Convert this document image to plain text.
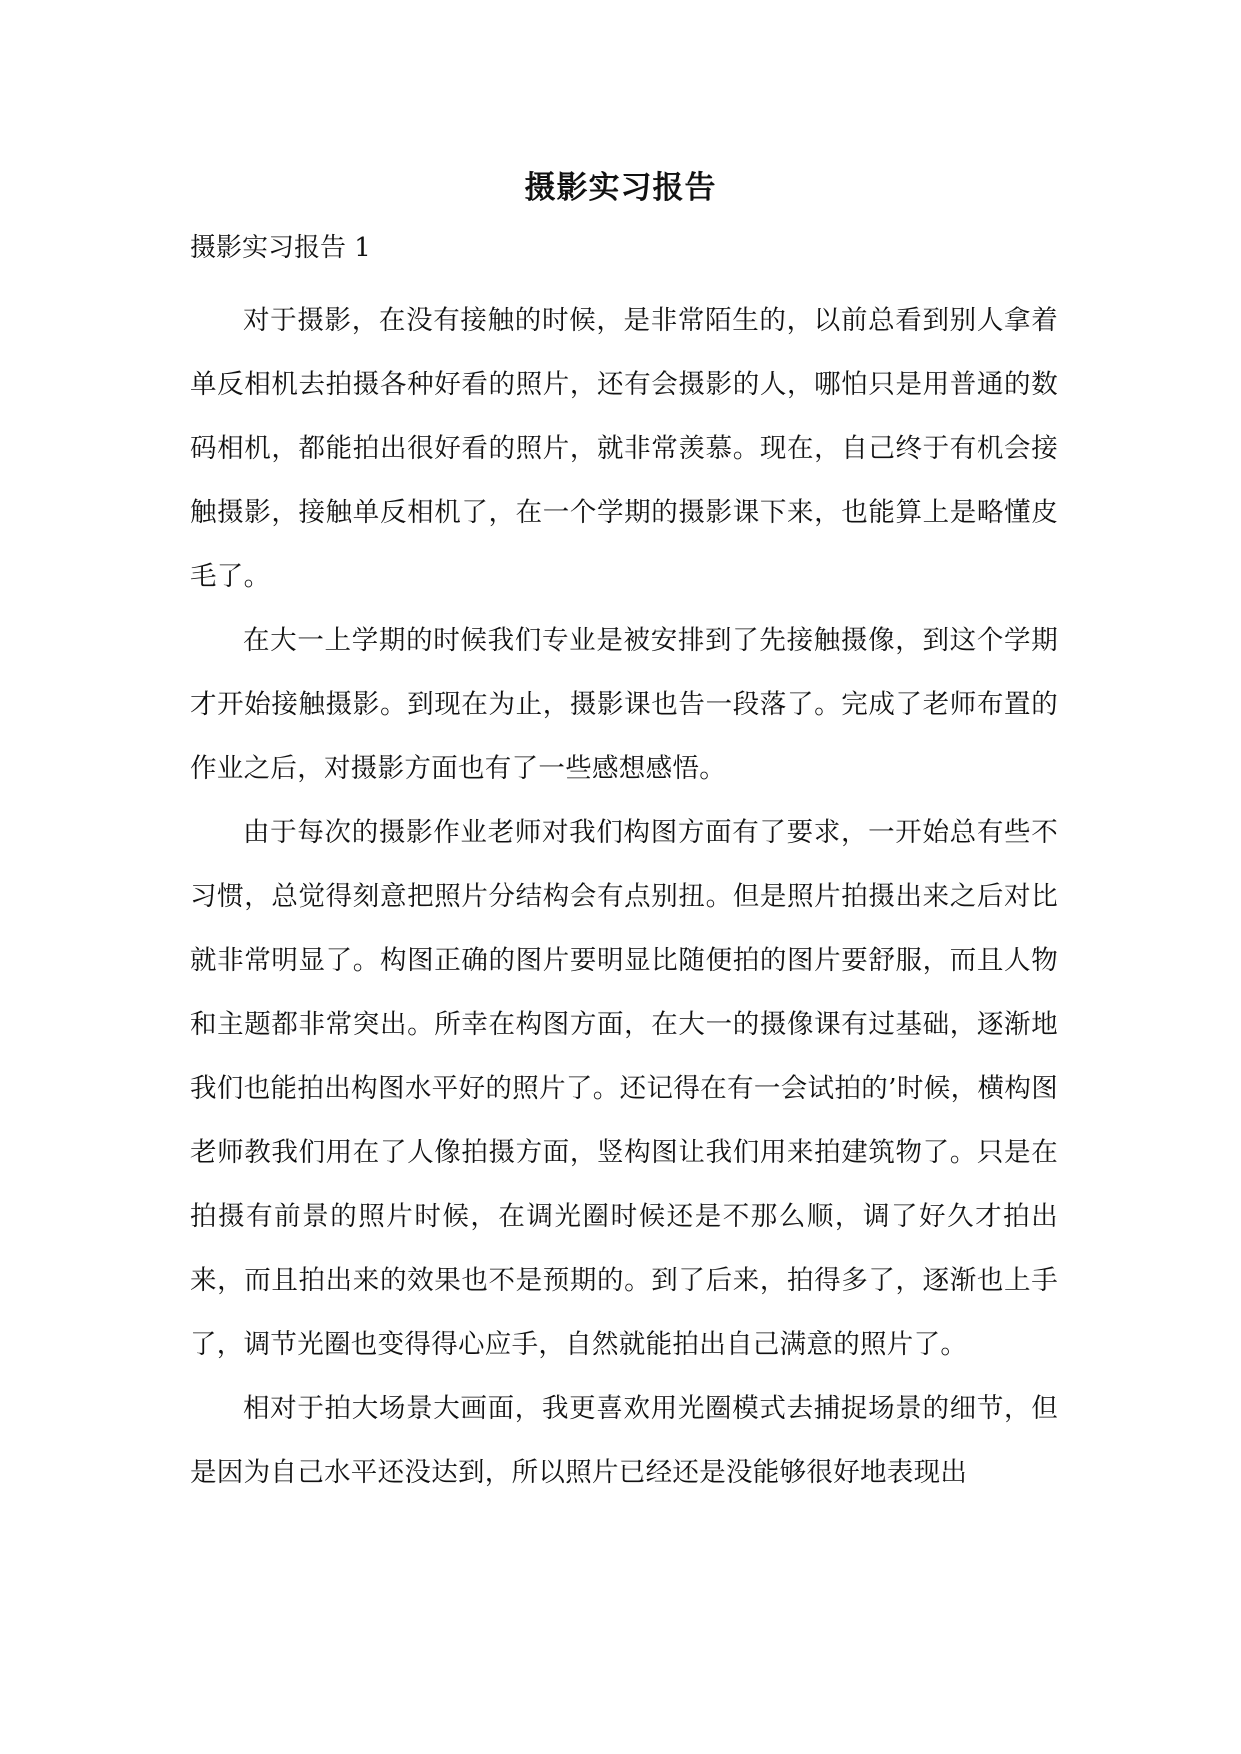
摄影实习报告

摄影实习报告 1

对于摄影，在没有接触的时候，是非常陌生的，以前总看到别人拿着单反相机去拍摄各种好看的照片，还有会摄影的人，哪怕只是用普通的数码相机，都能拍出很好看的照片，就非常羡慕。现在，自己终于有机会接触摄影，接触单反相机了，在一个学期的摄影课下来，也能算上是略懂皮毛了。

在大一上学期的时候我们专业是被安排到了先接触摄像，到这个学期才开始接触摄影。到现在为止，摄影课也告一段落了。完成了老师布置的作业之后，对摄影方面也有了一些感想感悟。

由于每次的摄影作业老师对我们构图方面有了要求，一开始总有些不习惯，总觉得刻意把照片分结构会有点别扭。但是照片拍摄出来之后对比就非常明显了。构图正确的图片要明显比随便拍的图片要舒服，而且人物和主题都非常突出。所幸在构图方面，在大一的摄像课有过基础，逐渐地我们也能拍出构图水平好的照片了。还记得在有一会试拍的’时候，横构图老师教我们用在了人像拍摄方面，竖构图让我们用来拍建筑物了。只是在拍摄有前景的照片时候，在调光圈时候还是不那么顺，调了好久才拍出来，而且拍出来的效果也不是预期的。到了后来，拍得多了，逐渐也上手了，调节光圈也变得得心应手，自然就能拍出自己满意的照片了。

相对于拍大场景大画面，我更喜欢用光圈模式去捕捉场景的细节，但是因为自己水平还没达到，所以照片已经还是没能够很好地表现出
